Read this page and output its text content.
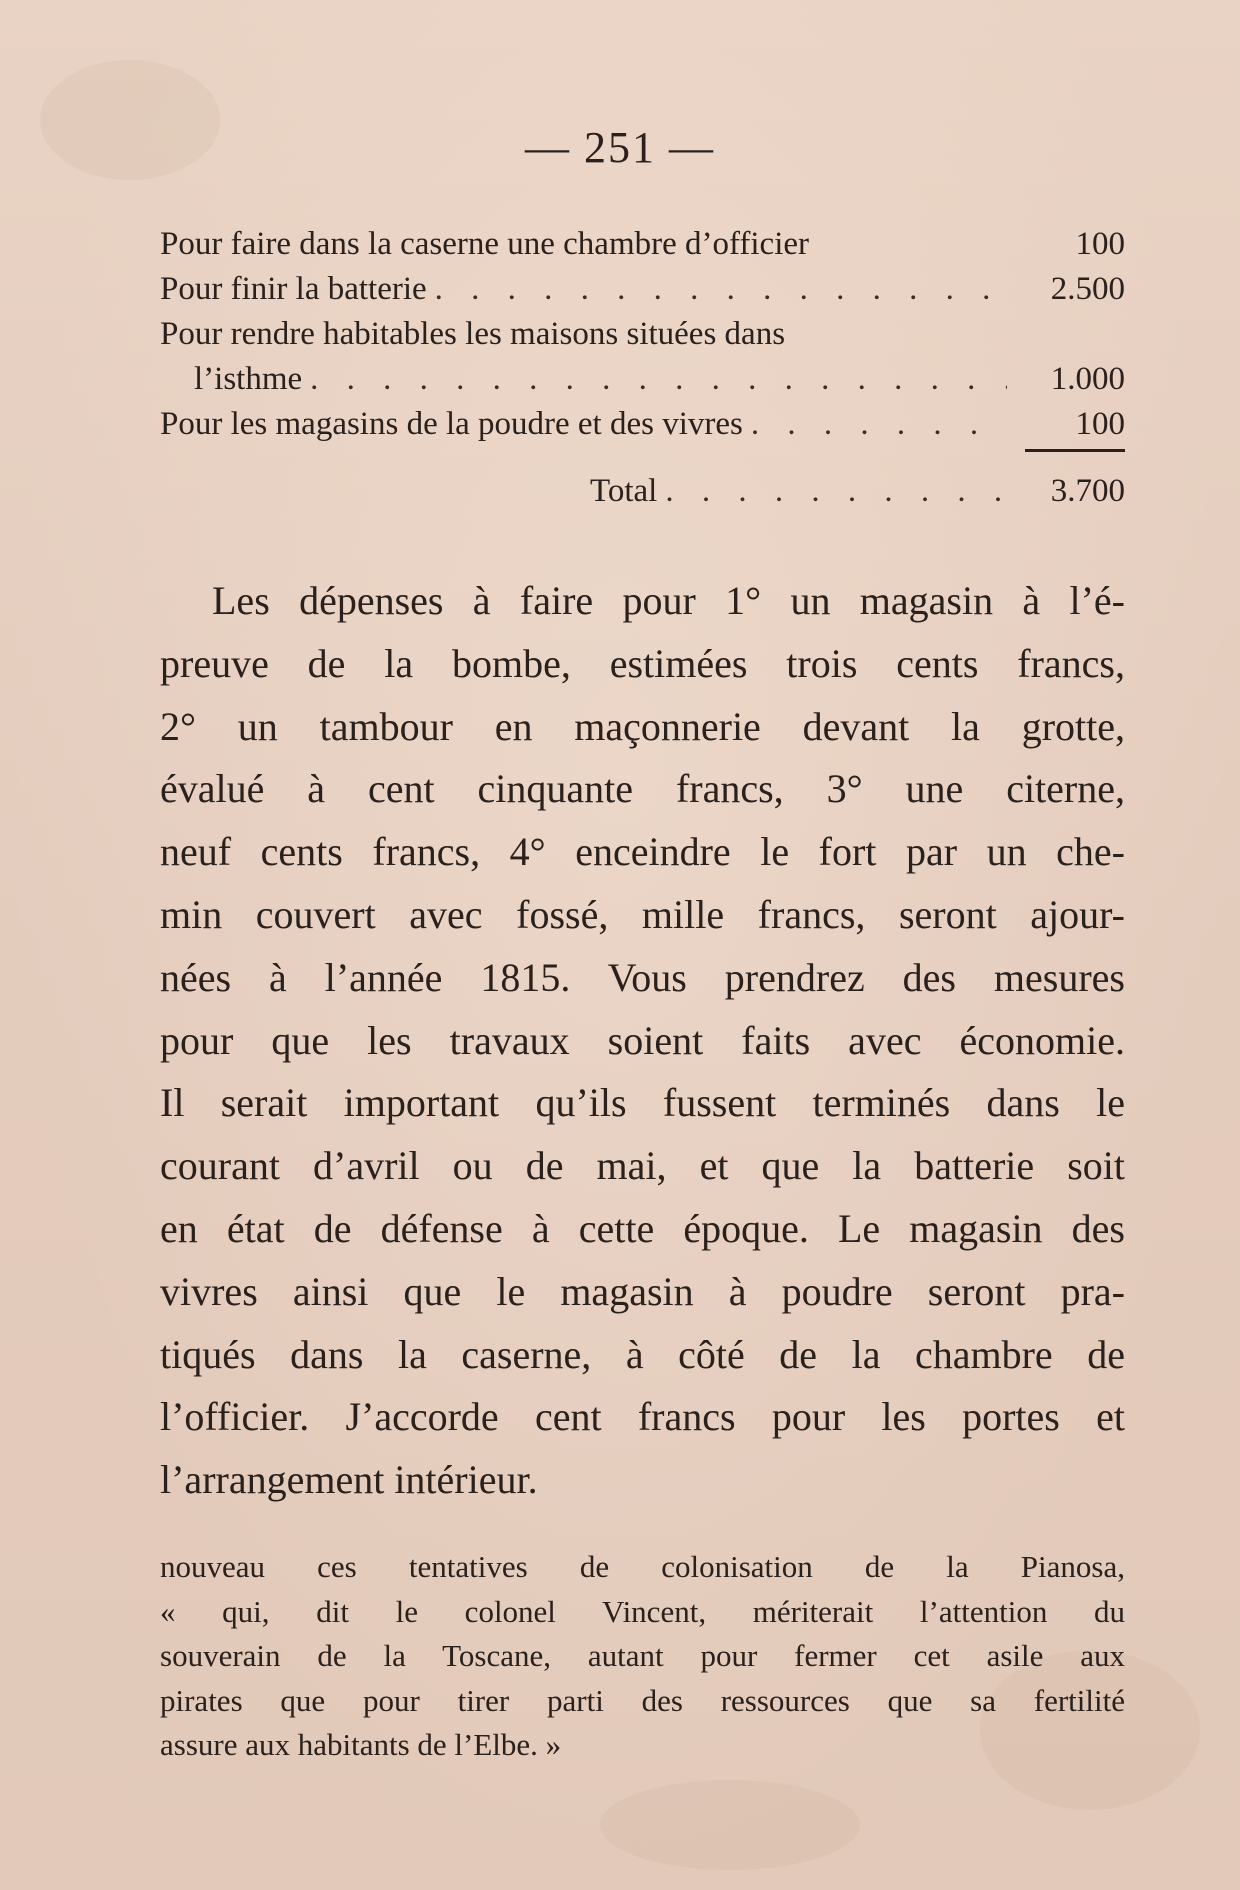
— 251 —
Pour faire dans la caserne une chambre d’officier	100
Pour finir la batterie . . .	2.500
Pour rendre habitables les maisons situées dans
l’isthme . . .	1.000
Pour les magasins de la poudre et des vivres . . .	100
Total . . .	3.700
Les dépenses à faire pour 1° un magasin à l’é-
preuve de la bombe, estimées trois cents francs,
2° un tambour en maçonnerie devant la grotte,
évalué à cent cinquante francs, 3° une citerne,
neuf cents francs, 4° enceindre le fort par un che-
min couvert avec fossé, mille francs, seront ajour-
nées à l’année 1815. Vous prendrez des mesures
pour que les travaux soient faits avec économie.
Il serait important qu’ils fussent terminés dans le
courant d’avril ou de mai, et que la batterie soit
en état de défense à cette époque. Le magasin des
vivres ainsi que le magasin à poudre seront pra-
tiqués dans la caserne, à côté de la chambre de
l’officier. J’accorde cent francs pour les portes et
l’arrangement intérieur.
nouveau ces tentatives de colonisation de la Pianosa,
« qui, dit le colonel Vincent, mériterait l’attention du
souverain de la Toscane, autant pour fermer cet asile aux
pirates que pour tirer parti des ressources que sa fertilité
assure aux habitants de l’Elbe. »
